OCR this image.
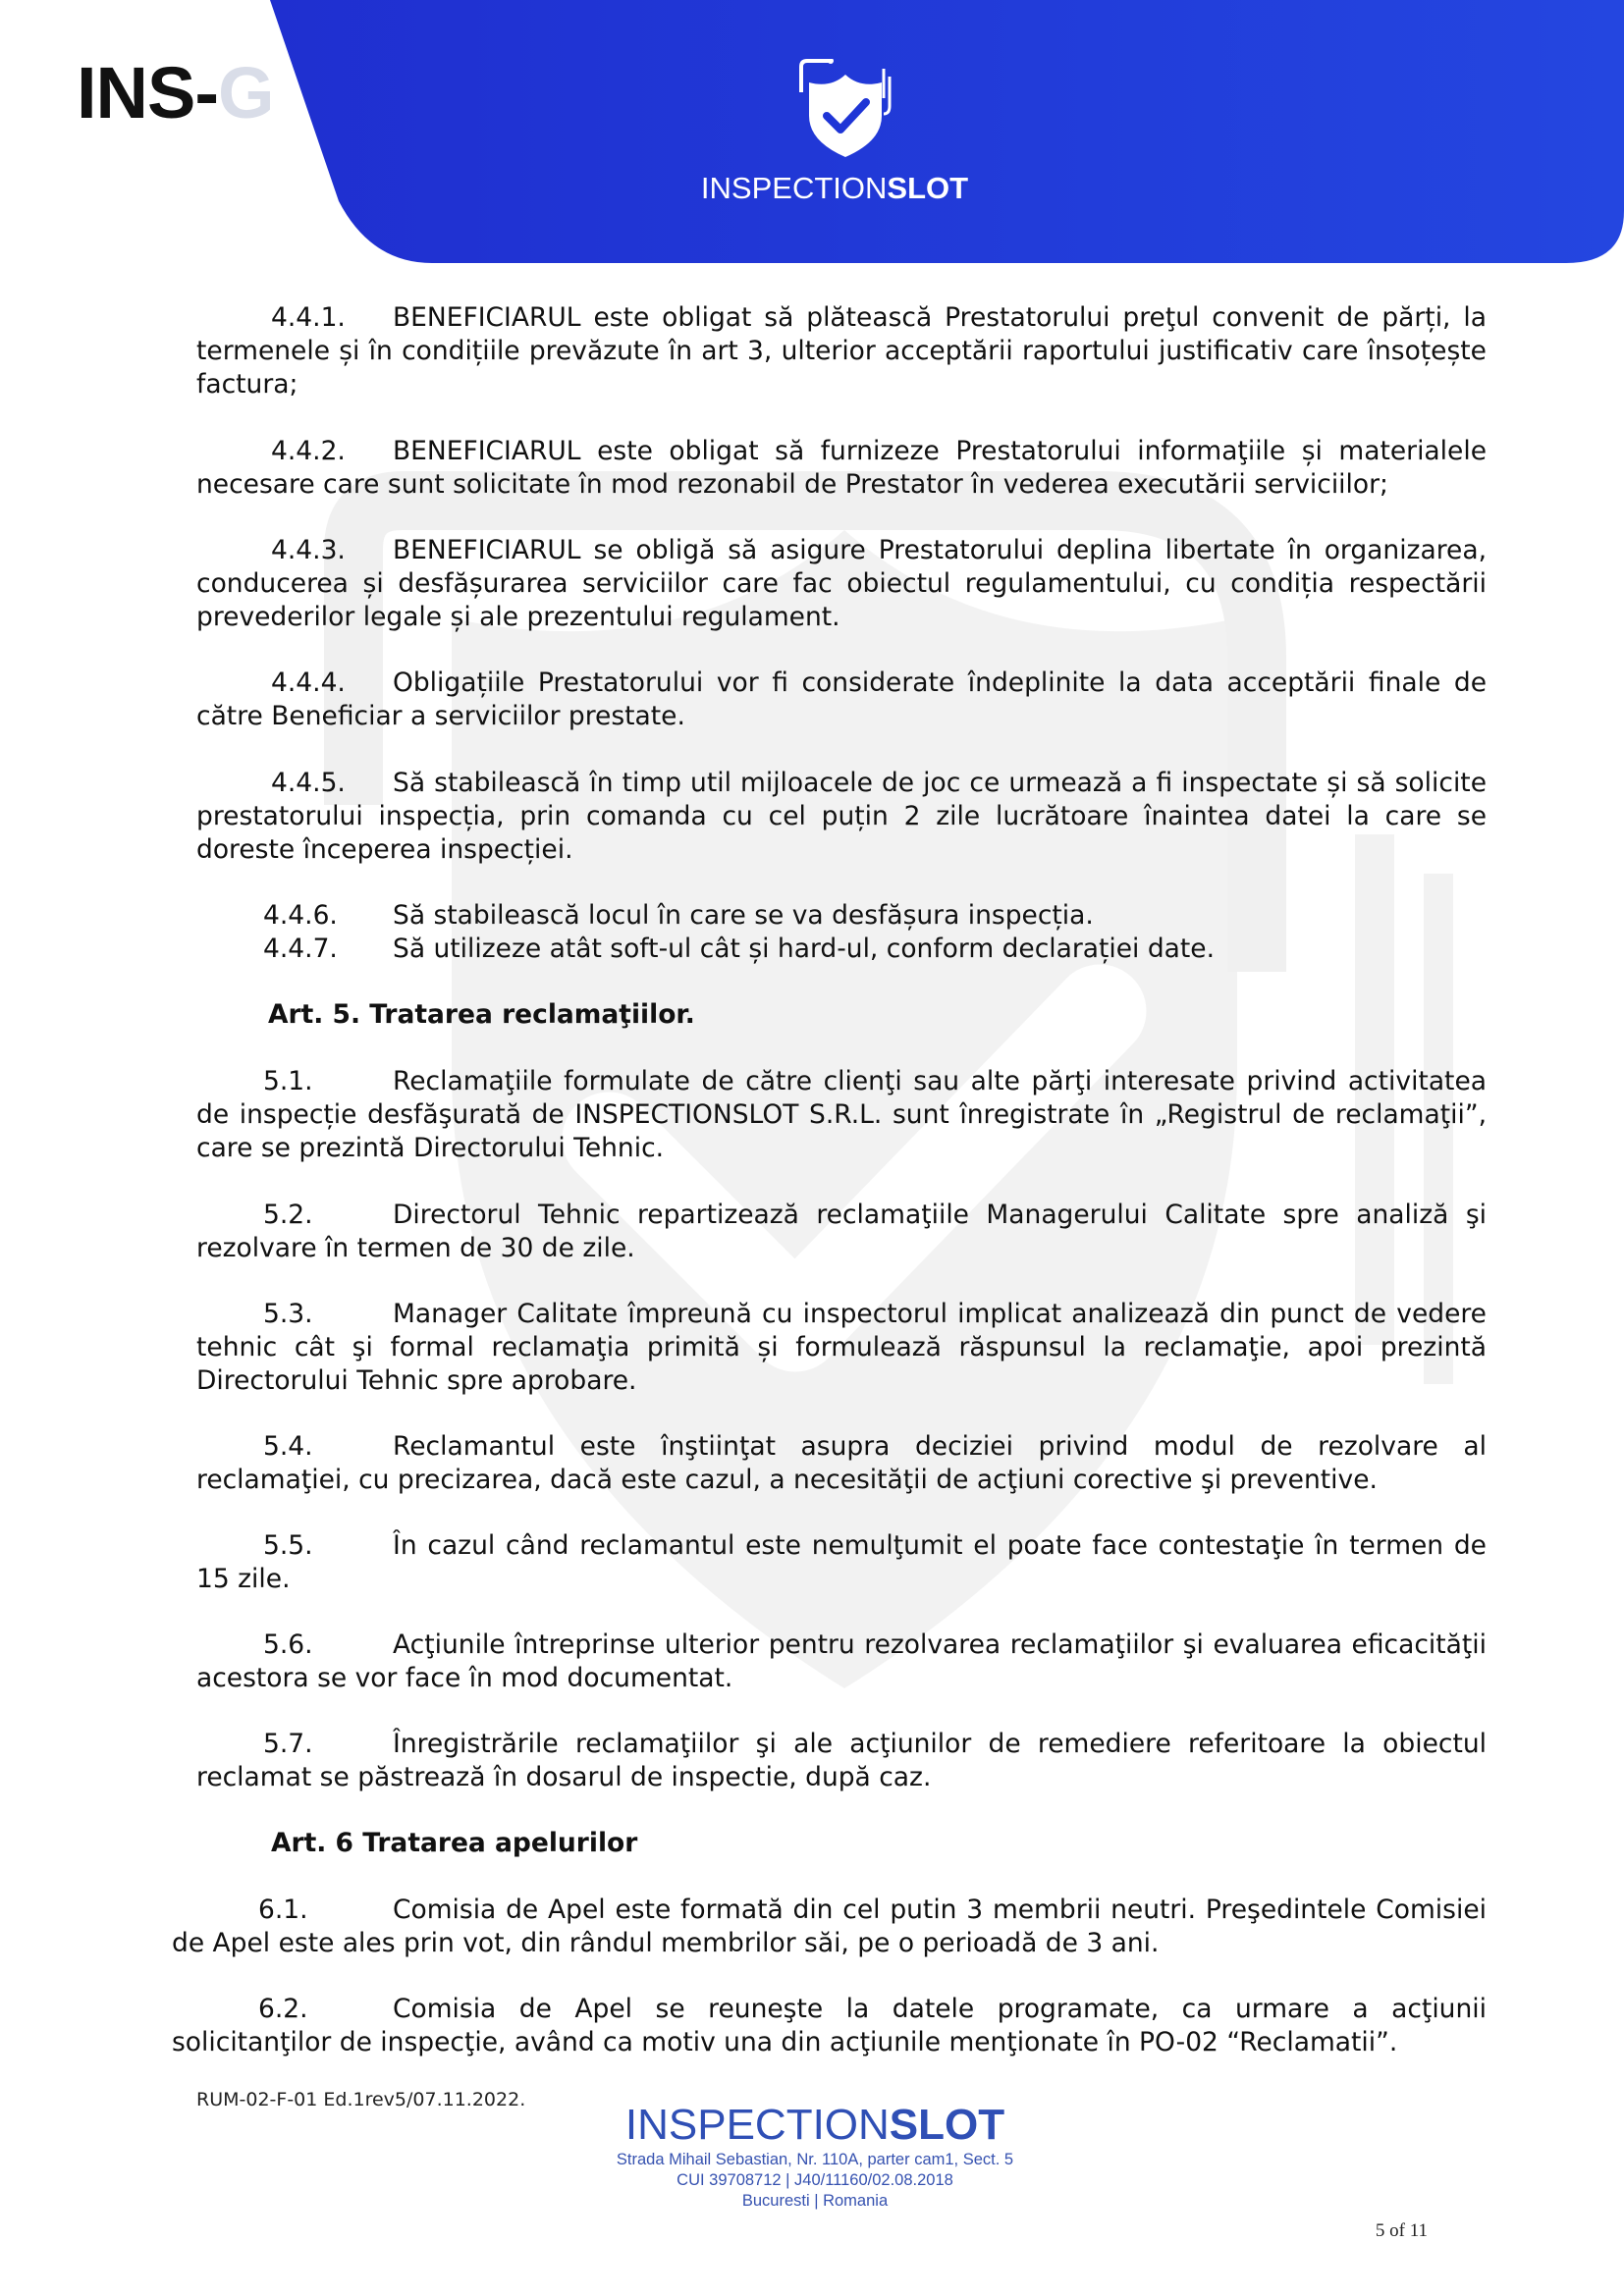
INS-G
INSPECTIONSLOT
4.4.1. BENEFICIARUL este obligat să plătească Prestatorului preţul convenit de părți, la termenele și în condițiile prevăzute în art 3, ulterior acceptării raportului justificativ care însoțește factura;
4.4.2. BENEFICIARUL este obligat să furnizeze Prestatorului informaţiile și materialele necesare care sunt solicitate în mod rezonabil de Prestator în vederea executării serviciilor;
4.4.3. BENEFICIARUL se obligă să asigure Prestatorului deplina libertate în organizarea, conducerea și desfășurarea serviciilor care fac obiectul regulamentului, cu condiția respectării prevederilor legale și ale prezentului regulament.
4.4.4. Obligațiile Prestatorului vor fi considerate îndeplinite la data acceptării finale de către Beneficiar a serviciilor prestate.
4.4.5. Să stabilească în timp util mijloacele de joc ce urmează a fi inspectate și să solicite prestatorului inspecția, prin comanda cu cel puțin 2 zile lucrătoare înaintea datei la care se doreste începerea inspecției.
4.4.6. Să stabilească locul în care se va desfășura inspecția.
4.4.7. Să utilizeze atât soft-ul cât și hard-ul, conform declarației date.
Art. 5. Tratarea reclamaţiilor.
5.1.	Reclamaţiile formulate de către clienţi sau alte părţi interesate privind activitatea de inspecție desfăşurată de INSPECTIONSLOT S.R.L. sunt înregistrate în „Registrul de reclamaţii”, care se prezintă Directorului Tehnic.
5.2.	Directorul Tehnic repartizează reclamaţiile Managerului Calitate spre analiză şi rezolvare în termen de 30 de zile.
5.3.	Manager Calitate împreună cu inspectorul implicat analizează din punct de vedere tehnic cât şi formal reclamaţia primită și formulează răspunsul la reclamaţie, apoi prezintă Directorului Tehnic spre aprobare.
5.4.	Reclamantul este înştiinţat asupra deciziei privind modul de rezolvare al reclamaţiei, cu precizarea, dacă este cazul, a necesităţii de acţiuni corective şi preventive.
5.5.	În cazul când reclamantul este nemulţumit el poate face contestaţie în termen de 15 zile.
5.6.	Acţiunile întreprinse ulterior pentru rezolvarea reclamaţiilor şi evaluarea eficacităţii acestora se vor face în mod documentat.
5.7.	Înregistrările reclamaţiilor şi ale acţiunilor de remediere referitoare la obiectul reclamat se păstrează în dosarul de inspectie, după caz.
Art. 6 Tratarea apelurilor
6.1.	Comisia de Apel este formată din cel putin 3 membrii neutri. Preşedintele Comisiei de Apel este ales prin vot, din rândul membrilor săi, pe o perioadă de 3 ani.
6.2.	Comisia de Apel se reuneşte la datele programate, ca urmare a acţiunii solicitanţilor de inspecţie, având ca motiv una din acţiunile menţionate în PO-02 “Reclamatii”.
RUM-02-F-01 Ed.1rev5/07.11.2022.
INSPECTIONSLOT
Strada Mihail Sebastian, Nr. 110A, parter cam1, Sect. 5
CUI 39708712 | J40/11160/02.08.2018
Bucuresti | Romania
5 of 11
